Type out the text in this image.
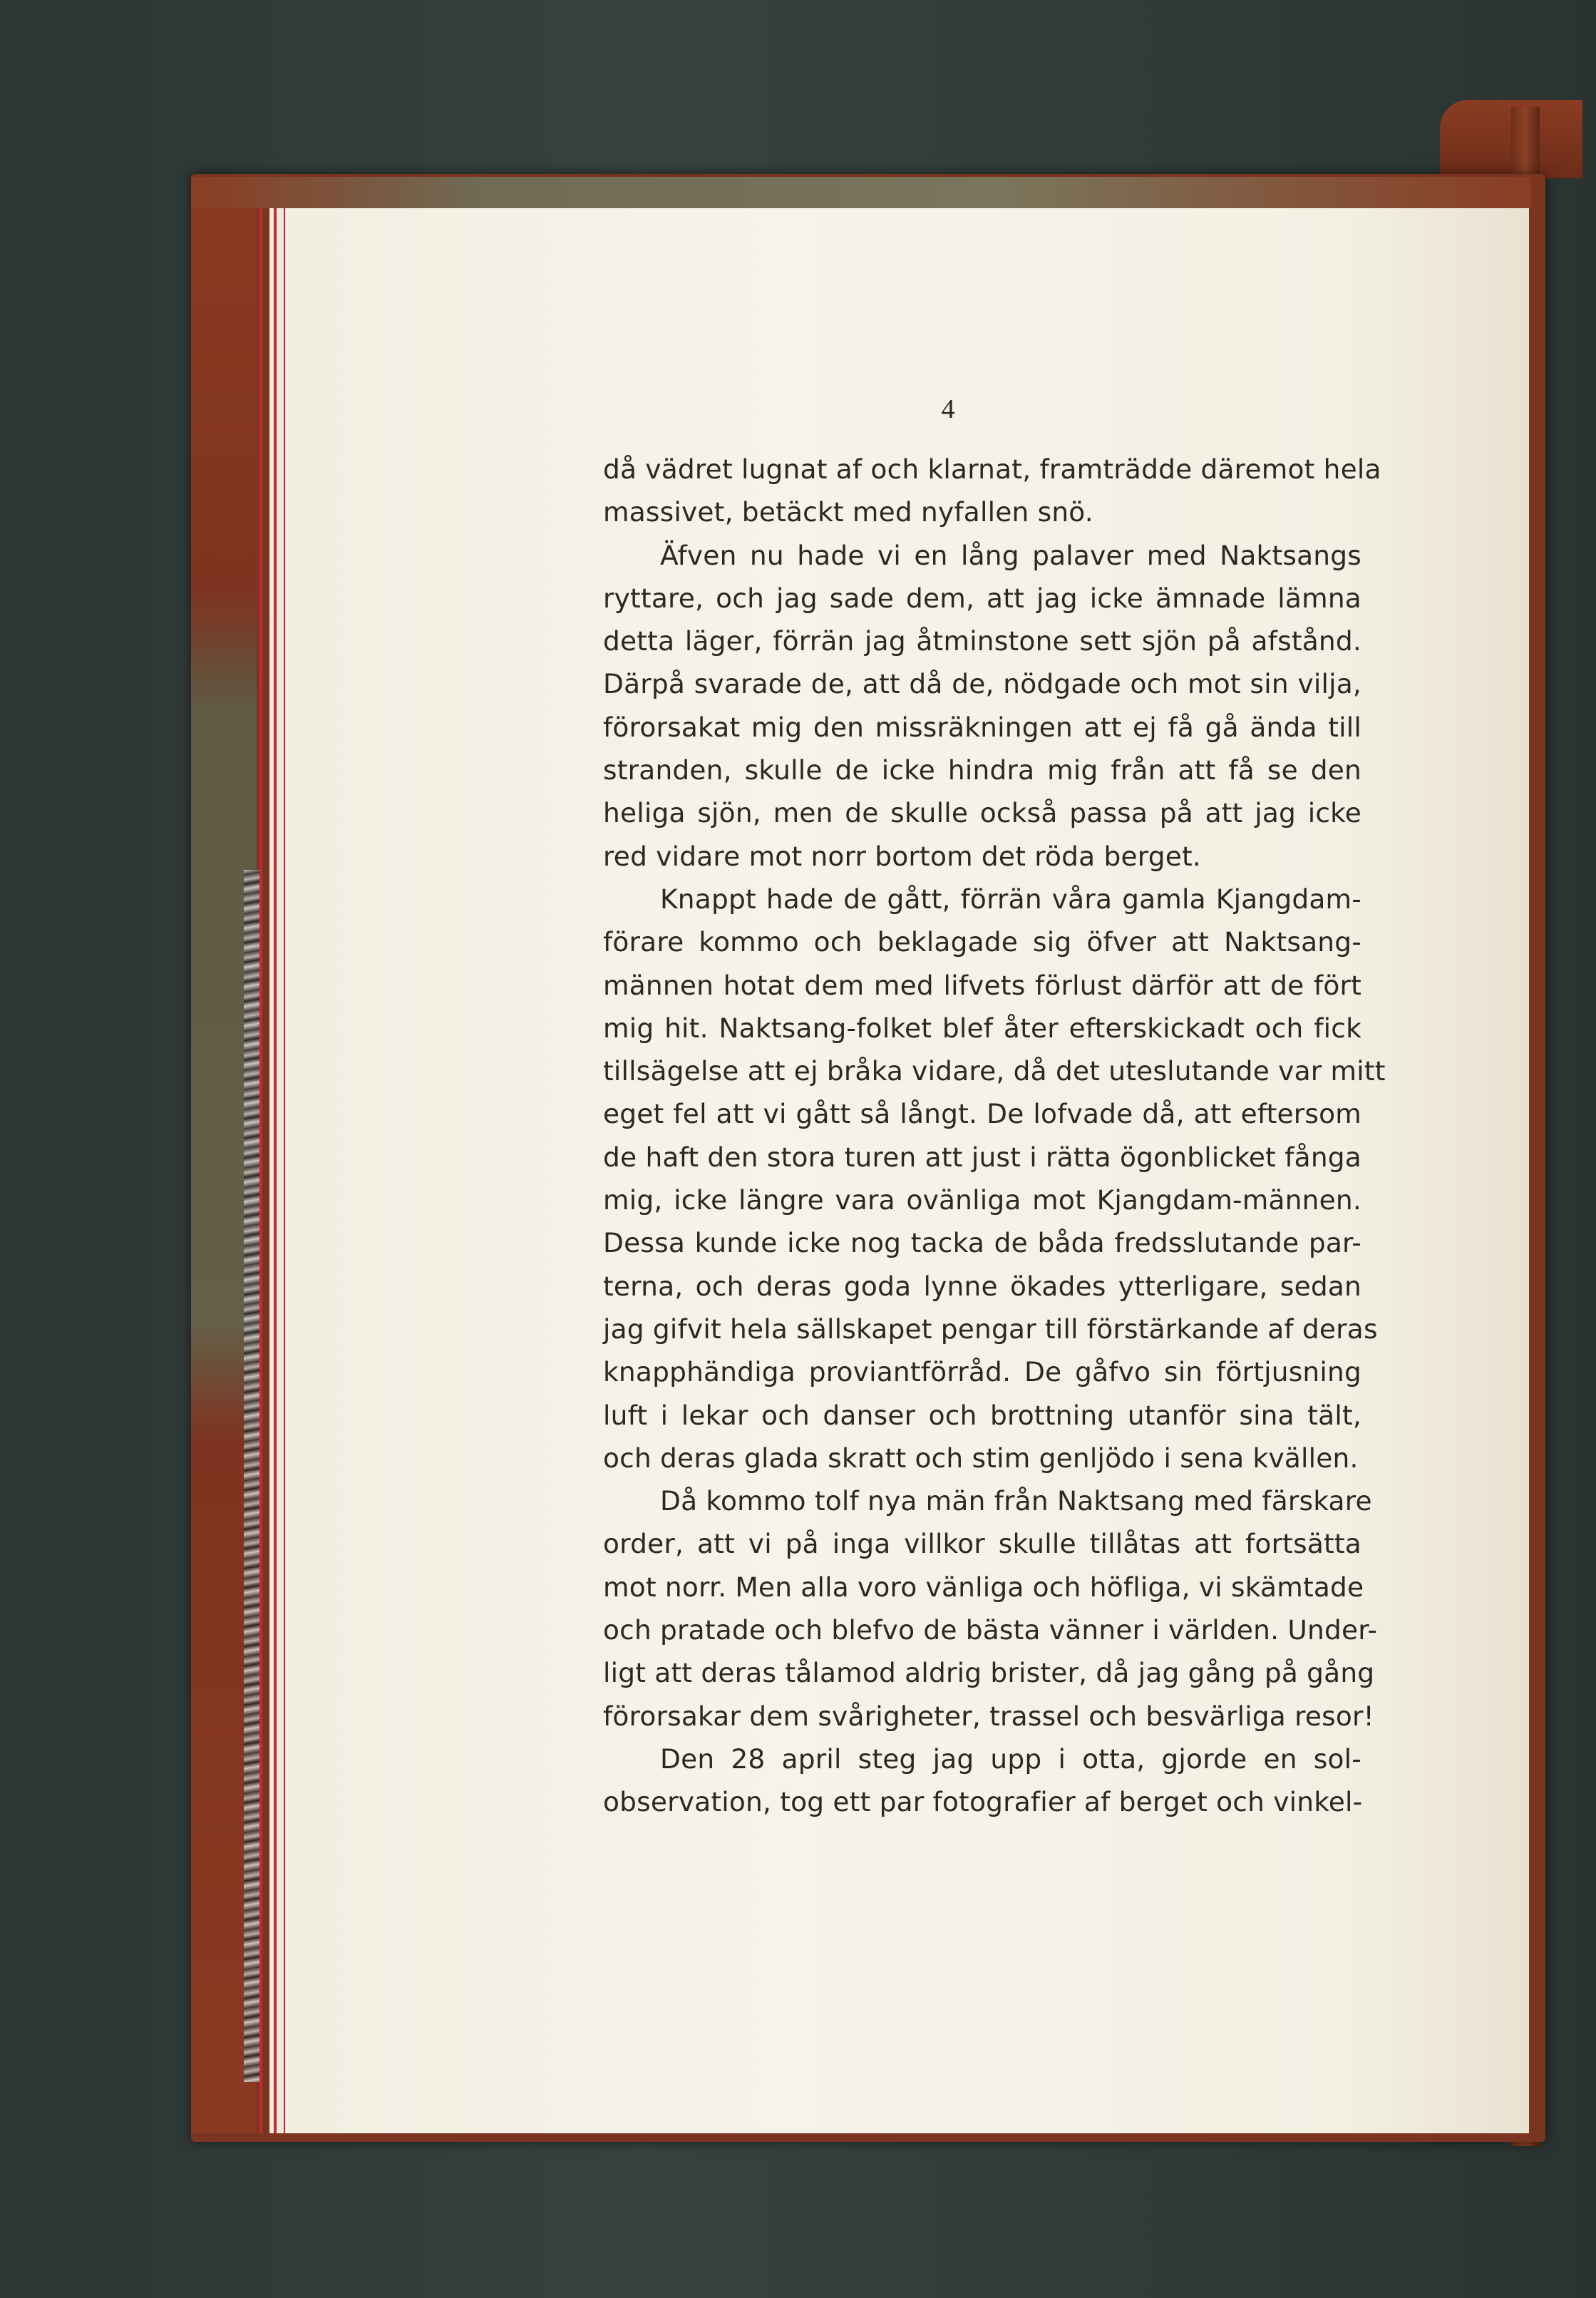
4
då vädret lugnat af och klarnat, framträdde däremot hela
massivet, betäckt med nyfallen snö.
Äfven nu hade vi en lång palaver med Naktsangs
ryttare, och jag sade dem, att jag icke ämnade lämna
detta läger, förrän jag åtminstone sett sjön på afstånd.
Därpå svarade de, att då de, nödgade och mot sin vilja,
förorsakat mig den missräkningen att ej få gå ända till
stranden, skulle de icke hindra mig från att få se den
heliga sjön, men de skulle också passa på att jag icke
red vidare mot norr bortom det röda berget.
Knappt hade de gått, förrän våra gamla Kjangdam-
förare kommo och beklagade sig öfver att Naktsang-
männen hotat dem med lifvets förlust därför att de fört
mig hit. Naktsang-folket blef åter efterskickadt och fick
tillsägelse att ej bråka vidare, då det uteslutande var mitt
eget fel att vi gått så långt. De lofvade då, att eftersom
de haft den stora turen att just i rätta ögonblicket fånga
mig, icke längre vara ovänliga mot Kjangdam-männen.
Dessa kunde icke nog tacka de båda fredsslutande par-
terna, och deras goda lynne ökades ytterligare, sedan
jag gifvit hela sällskapet pengar till förstärkande af deras
knapphändiga proviantförråd. De gåfvo sin förtjusning
luft i lekar och danser och brottning utanför sina tält,
och deras glada skratt och stim genljödo i sena kvällen.
Då kommo tolf nya män från Naktsang med färskare
order, att vi på inga villkor skulle tillåtas att fortsätta
mot norr. Men alla voro vänliga och höfliga, vi skämtade
och pratade och blefvo de bästa vänner i världen. Under-
ligt att deras tålamod aldrig brister, då jag gång på gång
förorsakar dem svårigheter, trassel och besvärliga resor!
Den 28 april steg jag upp i otta, gjorde en sol-
observation, tog ett par fotografier af berget och vinkel-
